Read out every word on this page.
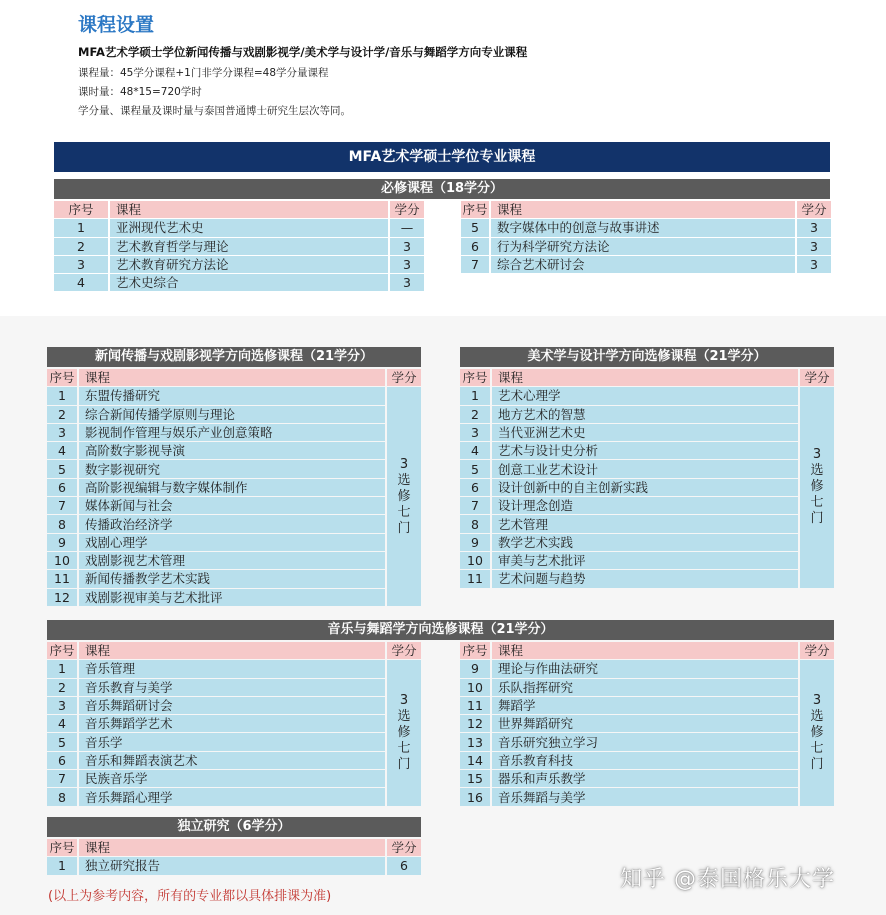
课程设置
MFA艺术学硕士学位新闻传播与戏剧影视学/美术学与设计学/音乐与舞蹈学方向专业课程
课程量：45学分课程+1门非学分课程=48学分量课程
课时量：48*15=720学时
学分量、课程量及课时量与泰国普通博士研究生层次等同。
MFA艺术学硕士学位专业课程
必修课程（18学分）
序号	课程	学分
1	亚洲现代艺术史	—
2	艺术教育哲学与理论	3
3	艺术教育研究方法论	3
4	艺术史综合	3
序号	课程	学分
5	数字媒体中的创意与故事讲述	3
6	行为科学研究方法论	3
7	综合艺术研讨会	3
新闻传播与戏剧影视学方向选修课程（21学分）
序号	课程	学分
1	东盟传播研究	3
选
修
七
门

2	综合新闻传播学原则与理论	
3	影视制作管理与娱乐产业创意策略	
4	高阶数字影视导演	
5	数字影视研究	
6	高阶影视编辑与数字媒体制作	
7	媒体新闻与社会	
8	传播政治经济学	
9	戏剧心理学	
10	戏剧影视艺术管理	
11	新闻传播教学艺术实践	
12	戏剧影视审美与艺术批评	
美术学与设计学方向选修课程（21学分）
序号	课程	学分
1	艺术心理学	3
选
修
七
门

2	地方艺术的智慧	
3	当代亚洲艺术史	
4	艺术与设计史分析	
5	创意工业艺术设计	
6	设计创新中的自主创新实践	
7	设计理念创造	
8	艺术管理	
9	教学艺术实践	
10	审美与艺术批评	
11	艺术问题与趋势	
音乐与舞蹈学方向选修课程（21学分）
序号	课程	学分
1	音乐管理	3
选
修
七
门

2	音乐教育与美学	
3	音乐舞蹈研讨会	
4	音乐舞蹈学艺术	
5	音乐学	
6	音乐和舞蹈表演艺术	
7	民族音乐学	
8	音乐舞蹈心理学	
序号	课程	学分
9	理论与作曲法研究	3
选
修
七
门

10	乐队指挥研究	
11	舞蹈学	
12	世界舞蹈研究	
13	音乐研究独立学习	
14	音乐教育科技	
15	器乐和声乐教学	
16	音乐舞蹈与美学	
独立研究（6学分）
序号	课程	学分
1	独立研究报告	6
(以上为参考内容，所有的专业都以具体排课为准)
知乎 @泰国格乐大学
